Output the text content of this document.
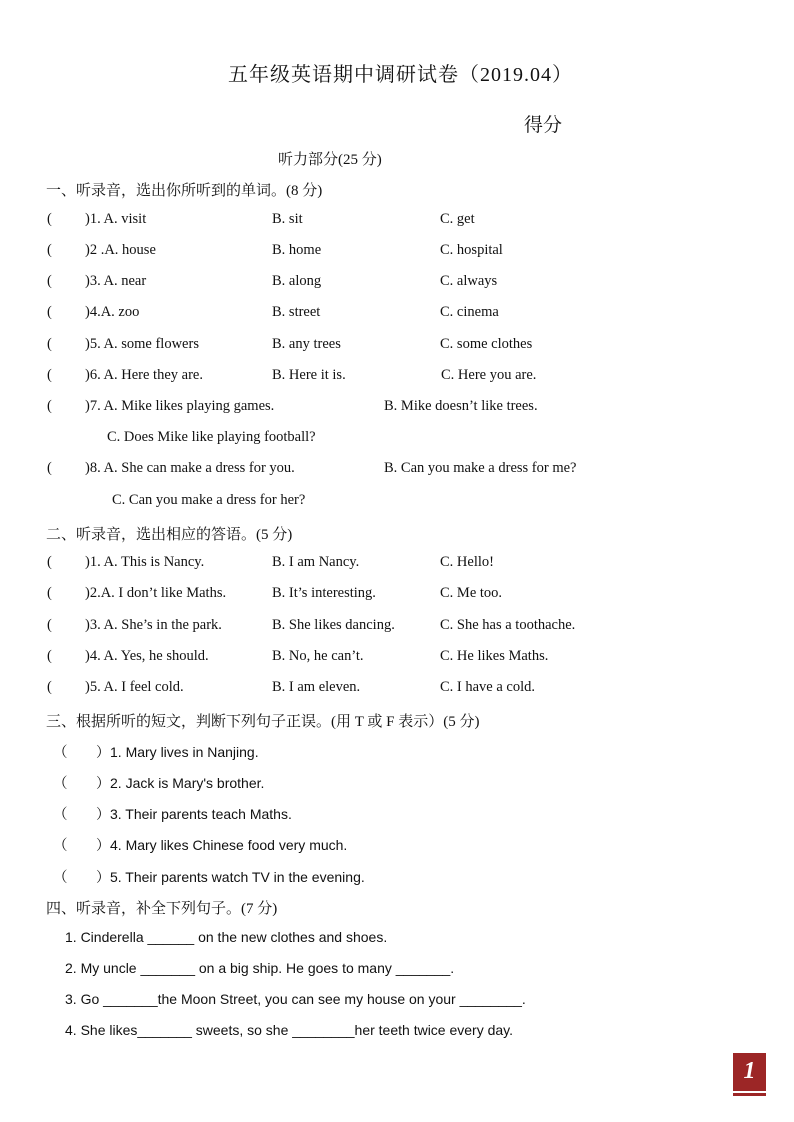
五年级英语期中调研试卷（2019.04）
得分
听力部分(25 分)
一、听录音，选出你所听到的单词。(8 分)
( )1. A. visit	B. sit	C. get
( )2 .A. house	B. home	C. hospital
( )3. A. near	B. along	C. always
( )4.A. zoo	B. street	C. cinema
( )5. A. some flowers	B. any trees	C. some clothes
( )6. A. Here they are.	B. Here it is.	C. Here you are.
( )7. A. Mike likes playing games.	B. Mike doesn’t like trees.
C. Does Mike like playing football?
( )8. A. She can make a dress for you.	B. Can you make a dress for me?
C. Can you make a dress for her?
二、听录音，选出相应的答语。(5 分)
( )1. A. This is Nancy.	B. I am Nancy.	C. Hello!
( )2.A. I don’t like Maths.	B. It’s interesting.	C. Me too.
( )3. A. She’s in the park.	B. She likes dancing.	C. She has a toothache.
( )4. A. Yes, he should.	B. No, he can’t.	C. He likes Maths.
( )5. A. I feel cold.	B. I am eleven.	C. I have a cold.
三、根据所听的短文，判断下列句子正误。(用 T 或 F 表示）(5 分)
（ ）1. Mary lives in Nanjing.
（ ）2. Jack is Mary's brother.
（ ）3. Their parents teach Maths.
（ ）4. Mary likes Chinese food very much.
（ ）5. Their parents watch TV in the evening.
四、听录音，补全下列句子。(7 分)
1. Cinderella ______ on the new clothes and shoes.
2. My uncle _______ on a big ship. He goes to many _______.
3. Go _______the Moon Street, you can see my house on your ________.
4. She likes_______ sweets, so she ________her teeth twice every day.
1
